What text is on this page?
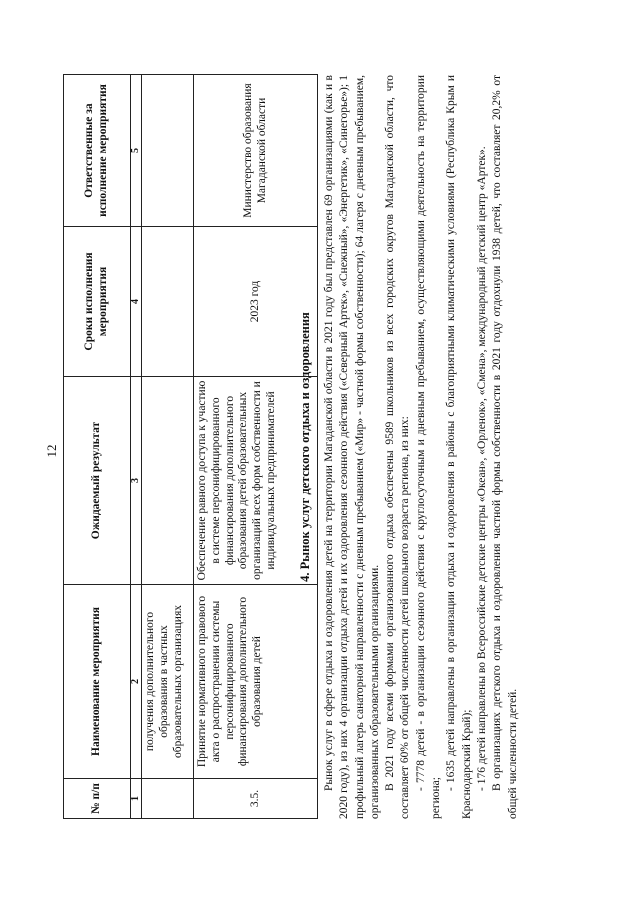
12
№ п/п	Наименование мероприятия	Ожидаемый результат	Сроки исполнения мероприятия	Ответственные за исполнение мероприятия
1	2	3	4	5
	получения дополнительного образования в частных образовательных организациях			
3.5.	Принятие нормативного правового акта о распространении системы персонифицированного финансирования дополнительного образования детей	Обеспечение равного доступа к участию в системе персонифицированного финансирования дополнительного образования детей образовательных организаций всех форм собственности и индивидуальных предпринимателей	2023 год	Министерство образования Магаданской области
4. Рынок услуг детского отдыха и оздоровления Рынок услуг в сфере отдыха и оздоровления детей на территории Магаданской области в 2021 году был представлен 69 организациями (как и в 2020 году), из них 4 организации отдыха детей и их оздоровления сезонного действия («Северный Артек», «Снежный», «Энергетик», «Синегорье»); 1 профильный лагерь санаторной направленности с дневным пребыванием («Мир» - частной формы собственности); 64 лагеря с дневным пребыванием, организованных образовательными организациями. В 2021 году всеми формами организованного отдыха обеспечены 9589 школьников из всех городских округов Магаданской области, что составляет 60% от общей численности детей школьного возраста региона, из них: - 7778 детей - в организации сезонного действия с круглосуточным и дневным пребыванием, осуществляющими деятельность на территории региона;

- 1635 детей направлены в организации отдыха и оздоровления в районы с благоприятными климатическими условиями (Республика Крым и Краснодарский Край); - 176 детей направлены во Всероссийские детские центры «Океан», «Орленок», «Смена», международный детский центр «Артек». В организациях детского отдыха и оздоровления частной формы собственности в 2021 году отдохнули 1938 детей, что составляет 20,2% от общей численности детей.
